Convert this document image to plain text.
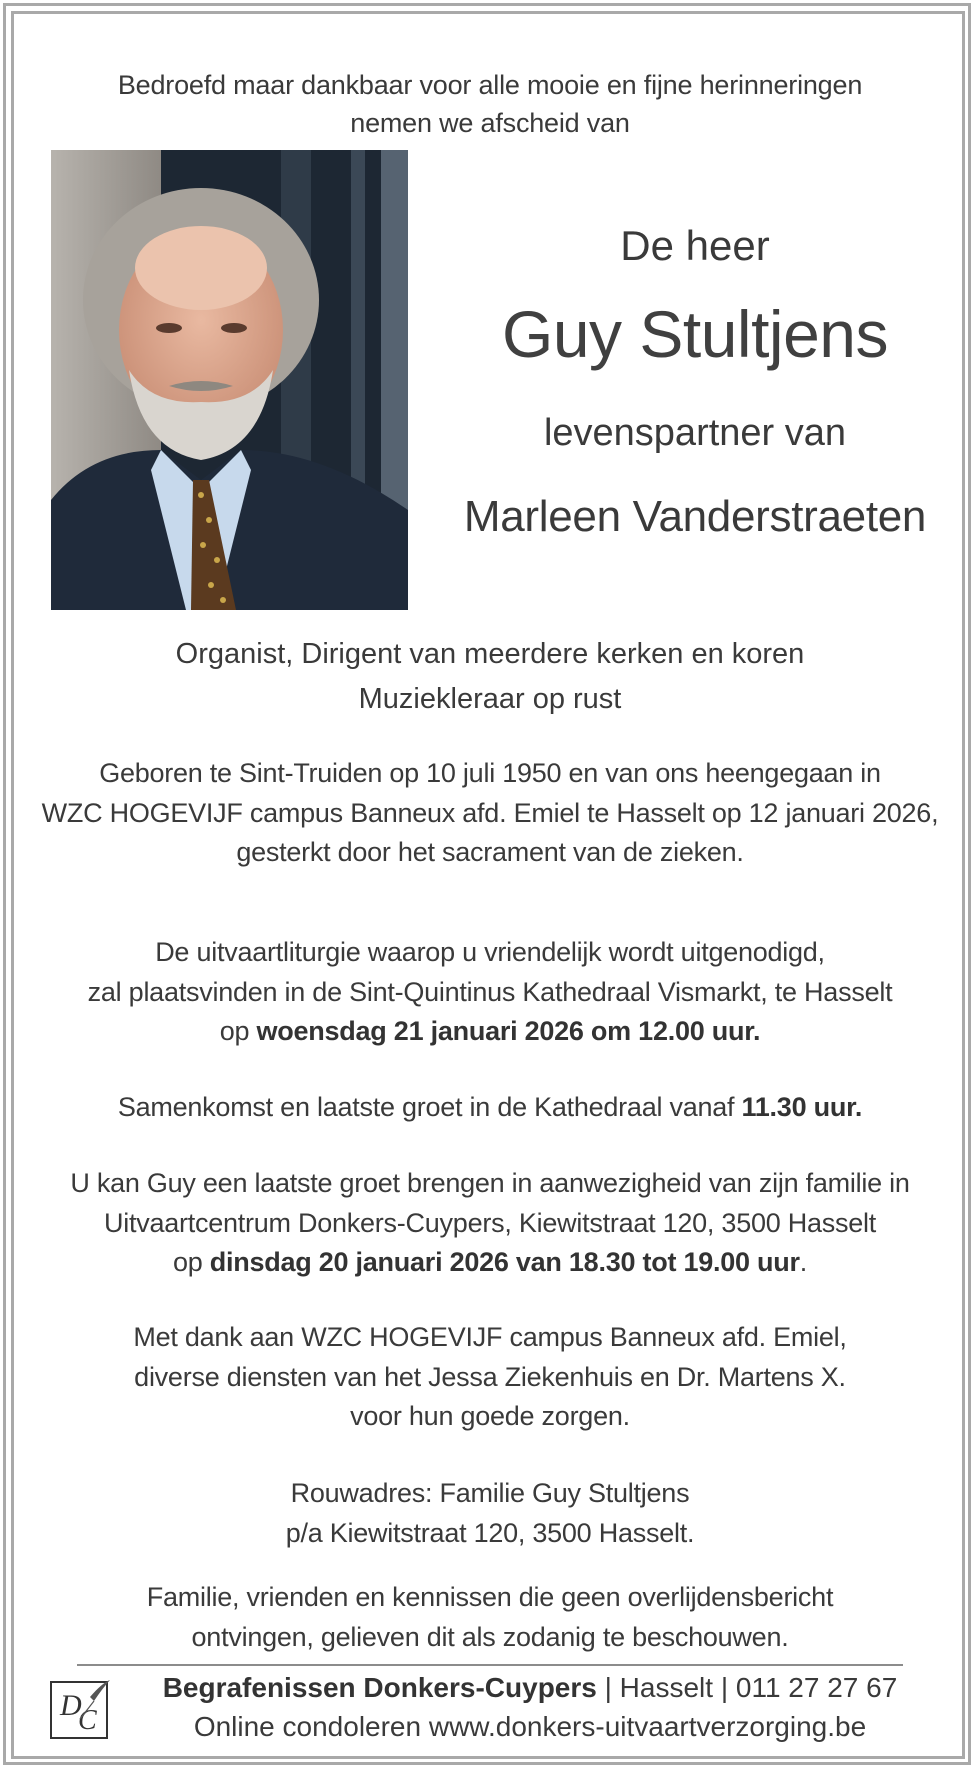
Bedroefd maar dankbaar voor alle mooie en fijne herinneringen
nemen we afscheid van
De heer
Guy Stultjens
levenspartner van
Marleen Vanderstraeten
Organist, Dirigent van meerdere kerken en koren
Muziekleraar op rust
Geboren te Sint-Truiden op 10 juli 1950 en van ons heengegaan in
WZC HOGEVIJF campus Banneux afd. Emiel te Hasselt op 12 januari 2026,
gesterkt door het sacrament van de zieken.
De uitvaartliturgie waarop u vriendelijk wordt uitgenodigd,
zal plaatsvinden in de Sint-Quintinus Kathedraal Vismarkt, te Hasselt
op woensdag 21 januari 2026 om 12.00 uur.
Samenkomst en laatste groet in de Kathedraal vanaf 11.30 uur.
U kan Guy een laatste groet brengen in aanwezigheid van zijn familie in
Uitvaartcentrum Donkers-Cuypers, Kiewitstraat 120, 3500 Hasselt
op dinsdag 20 januari 2026 van 18.30 tot 19.00 uur.
Met dank aan WZC HOGEVIJF campus Banneux afd. Emiel,
diverse diensten van het Jessa Ziekenhuis en Dr. Martens X.
voor hun goede zorgen.
Rouwadres: Familie Guy Stultjens
p/a Kiewitstraat 120, 3500 Hasselt.
Familie, vrienden en kennissen die geen overlijdensbericht
ontvingen, gelieven dit als zodanig te beschouwen.
D
C
Begrafenissen Donkers-Cuypers | Hasselt | 011 27 27 67
Online condoleren www.donkers-uitvaartverzorging.be
